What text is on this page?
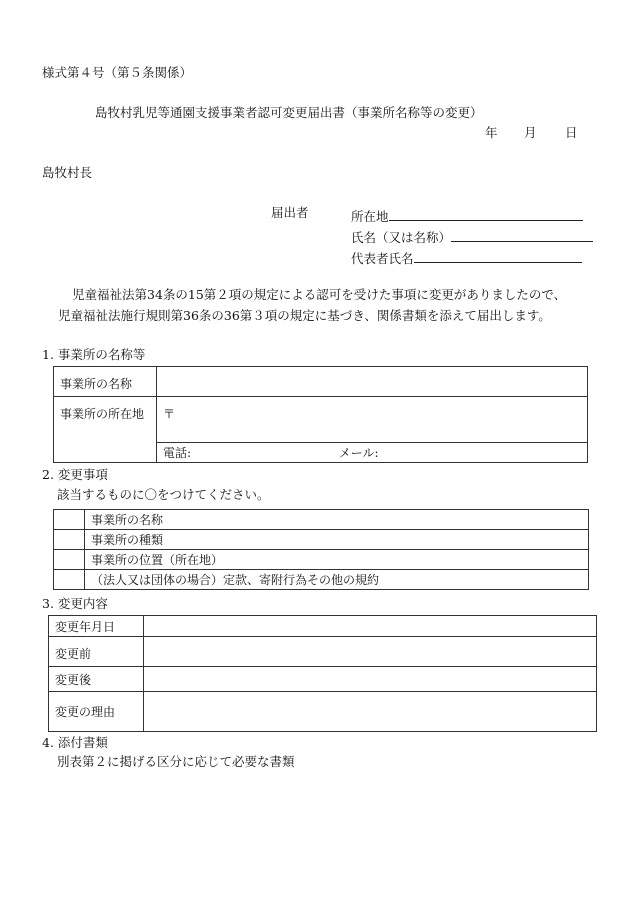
様式第４号（第５条関係）
島牧村乳児等通園支援事業者認可変更届出書（事業所名称等の変更）
年 月 日
島牧村長
届出者	所在地
氏名（又は名称）
代表者氏名
児童福祉法第34条の15第２項の規定による認可を受けた事項に変更がありましたので、
児童福祉法施行規則第36条の36第３項の規定に基づき、関係書類を添えて届出します。
1. 事業所の名称等
事業所の名称	
事業所の所在地	〒
	電話: メール:
2. 変更事項
該当するものに〇をつけてください。
	事業所の名称
	事業所の種類
	事業所の位置（所在地）
	（法人又は団体の場合）定款、寄附行為その他の規約
3. 変更内容
変更年月日	
変更前	
変更後	
変更の理由	
4. 添付書類
別表第２に掲げる区分に応じて必要な書類
